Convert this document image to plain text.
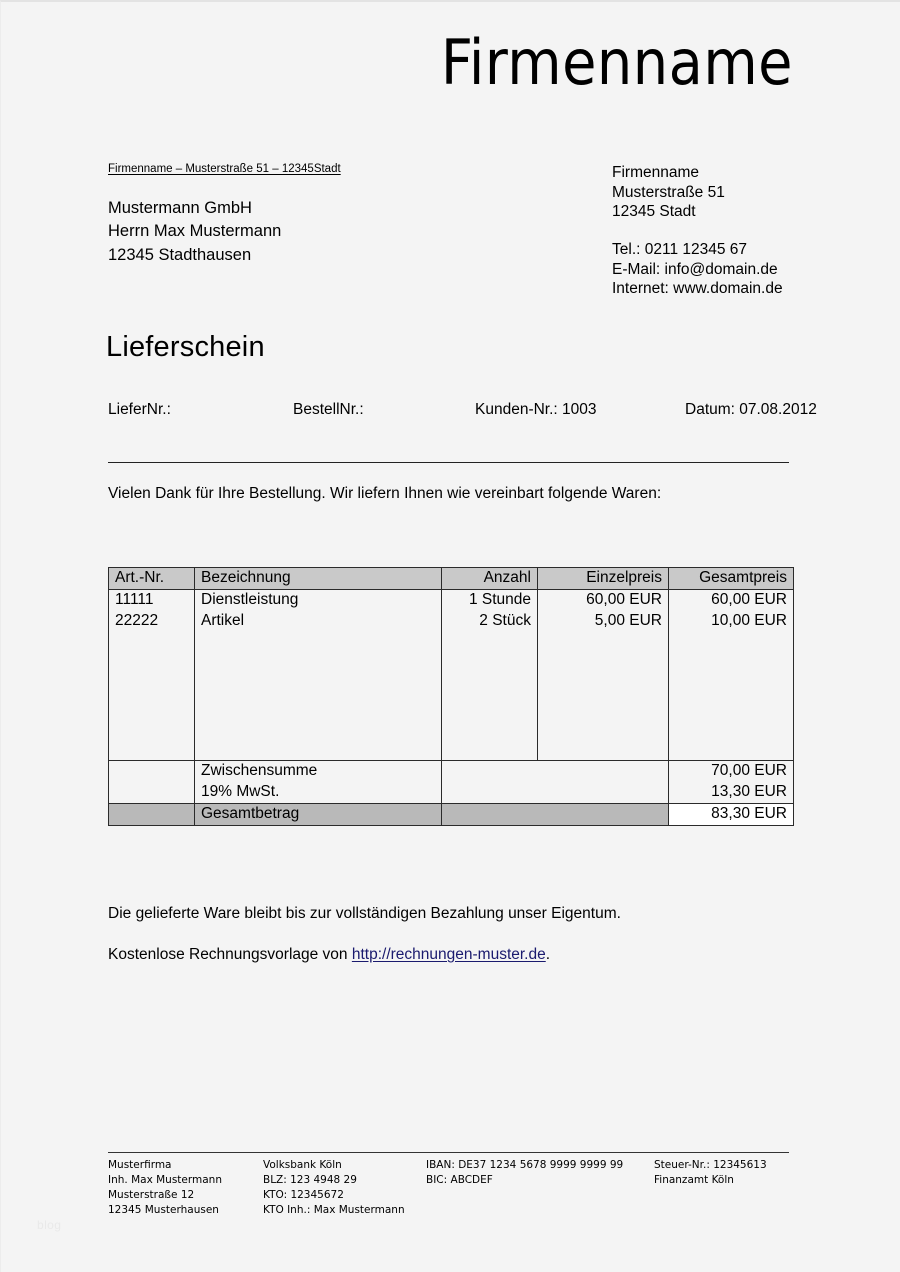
Firmenname
Firmenname – Musterstraße 51 – 12345Stadt
Mustermann GmbH
Herrn Max Mustermann
12345 Stadthausen
Firmenname
Musterstraße 51
12345 Stadt
Tel.: 0211 12345 67
E-Mail: info@domain.de
Internet: www.domain.de
Lieferschein
LieferNr.:	BestellNr.:	Kunden-Nr.: 1003	Datum: 07.08.2012
Vielen Dank für Ihre Bestellung. Wir liefern Ihnen wie vereinbart folgende Waren:
Art.-Nr.	Bezeichnung	Anzahl	Einzelpreis	Gesamtpreis
11111	Dienstleistung	1 Stunde	60,00 EUR	60,00 EUR
22222	Artikel	2 Stück	5,00 EUR	10,00 EUR

	Zwischensumme			70,00 EUR
	19% MwSt.			13,30 EUR
	Gesamtbetrag			83,30 EUR
Die gelieferte Ware bleibt bis zur vollständigen Bezahlung unser Eigentum.
Kostenlose Rechnungsvorlage von http://rechnungen-muster.de.
Musterfirma
Inh. Max Mustermann
Musterstraße 12
12345 Musterhausen
Volksbank Köln
BLZ: 123 4948 29
KTO: 12345672
KTO Inh.: Max Mustermann
IBAN: DE37 1234 5678 9999 9999 99
BIC: ABCDEF
Steuer-Nr.: 12345613
Finanzamt Köln
blog
